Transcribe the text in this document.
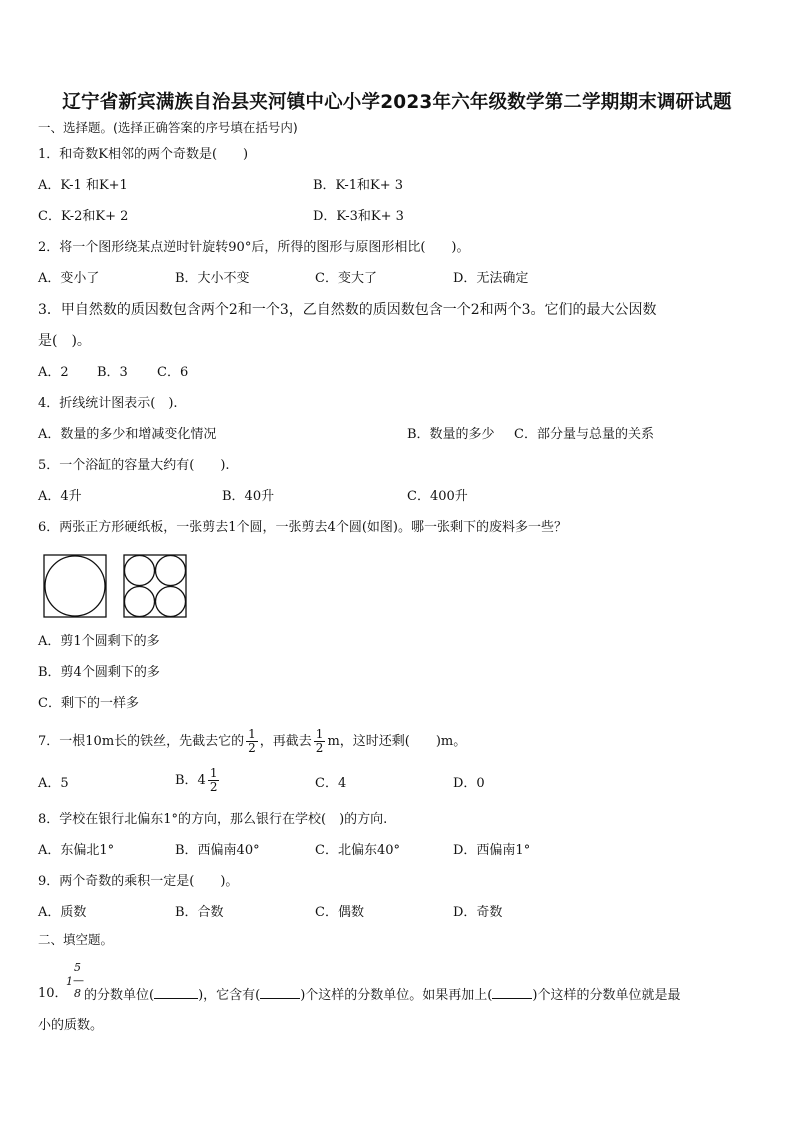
辽宁省新宾满族自治县夹河镇中心小学2023年六年级数学第二学期期末调研试题
一、选择题。(选择正确答案的序号填在括号内)
1．和奇数K相邻的两个奇数是(　　)
A．K-1 和K+1	B．K-1和K+ 3
C．K-2和K+ 2	D．K-3和K+ 3
2．将一个图形绕某点逆时针旋转90°后，所得的图形与原图形相比(　　)。
A．变小了	B．大小不变	C．变大了	D．无法确定
3．甲自然数的质因数包含两个2和一个3，乙自然数的质因数包含一个2和两个3。它们的最大公因数
是(　)。
A．2 B．3 C．6
4．折线统计图表示(　).
A．数量的多少和增减变化情况	B．数量的多少 C．部分量与总量的关系
5．一个浴缸的容量大约有(　　).
A．4升	B．40升	C．400升
6．两张正方形硬纸板，一张剪去1个圆，一张剪去4个圆(如图)。哪一张剩下的废料多一些？
A．剪1个圆剩下的多
B．剪4个圆剩下的多
C．剩下的一样多
7．一根10m长的铁丝，先截去它的 $\frac{1}{2}$ ，再截去 $\frac{1}{2}$ m，这时还剩(　　)m。
A．5	B．$4 \frac{1}{2}$	C．4	D．0
8．学校在银行北偏东1°的方向，那么银行在学校(　)的方向.
A．东偏北1°	B．西偏南40°	C．北偏东40°	D．西偏南1°
9．两个奇数的乘积一定是(　　)。
A．质数	B．合数	C．偶数	D．奇数
二、填空题。
10．
1
5
—
8 的分数单位(	)，它含有(	)个这样的分数单位。如果再加上(	)个这样的分数单位就是最
小的质数。
